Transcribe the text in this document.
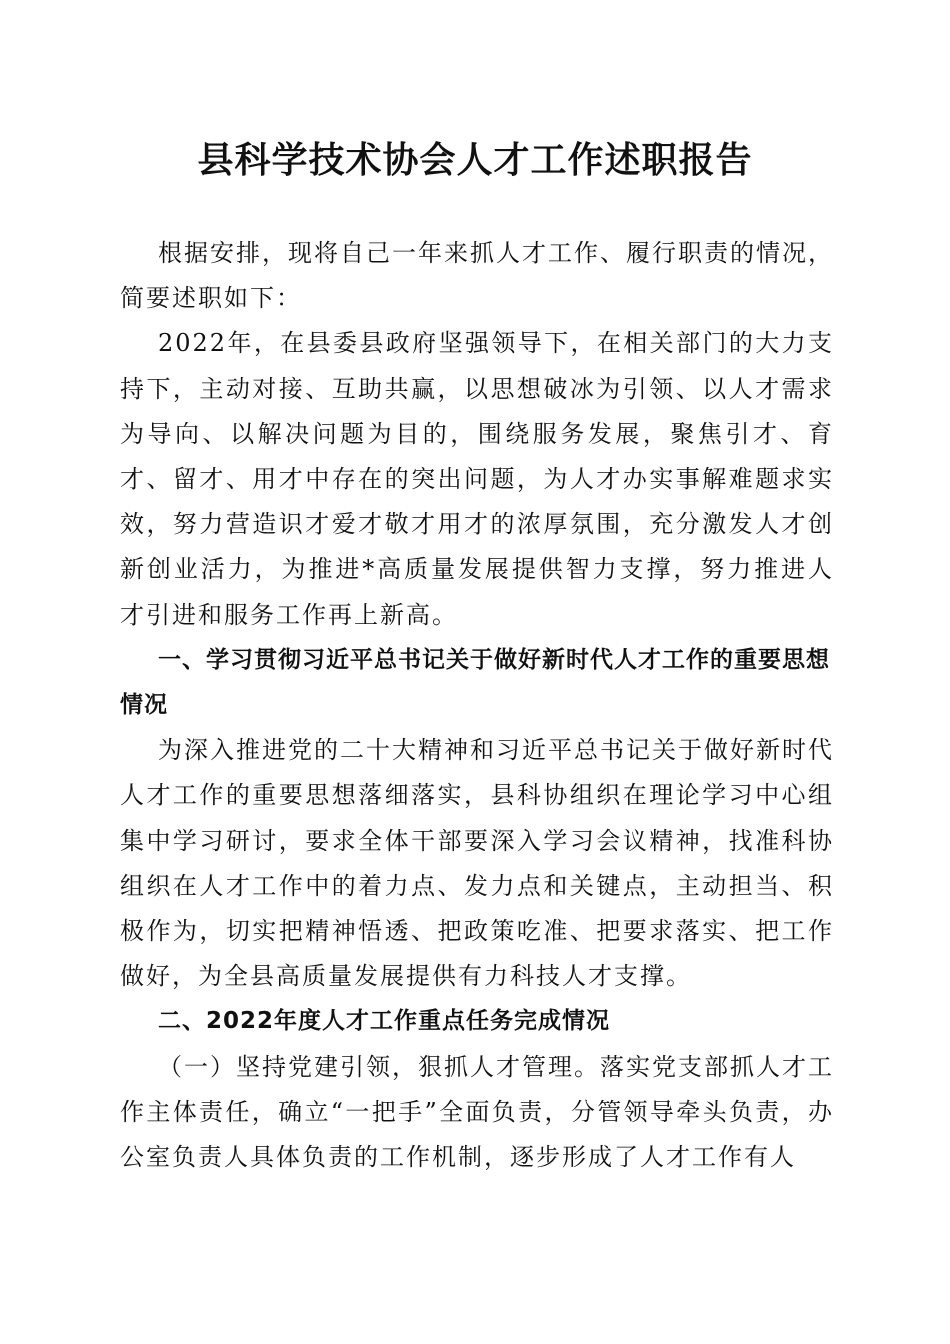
县科学技术协会人才工作述职报告

根据安排，现将自己一年来抓人才工作、履行职责的情况，简要述职如下：

2022年，在县委县政府坚强领导下，在相关部门的大力支持下，主动对接、互助共赢，以思想破冰为引领、以人才需求为导向、以解决问题为目的，围绕服务发展，聚焦引才、育才、留才、用才中存在的突出问题，为人才办实事解难题求实效，努力营造识才爱才敬才用才的浓厚氛围，充分激发人才创新创业活力，为推进*高质量发展提供智力支撑，努力推进人才引进和服务工作再上新高。

一、学习贯彻习近平总书记关于做好新时代人才工作的重要思想情况

为深入推进党的二十大精神和习近平总书记关于做好新时代人才工作的重要思想落细落实，县科协组织在理论学习中心组集中学习研讨，要求全体干部要深入学习会议精神，找准科协组织在人才工作中的着力点、发力点和关键点，主动担当、积极作为，切实把精神悟透、把政策吃准、把要求落实、把工作做好，为全县高质量发展提供有力科技人才支撑。

二、2022年度人才工作重点任务完成情况

（一）坚持党建引领，狠抓人才管理。落实党支部抓人才工作主体责任，确立“一把手”全面负责，分管领导牵头负责，办公室负责人具体负责的工作机制，逐步形成了人才工作有人
